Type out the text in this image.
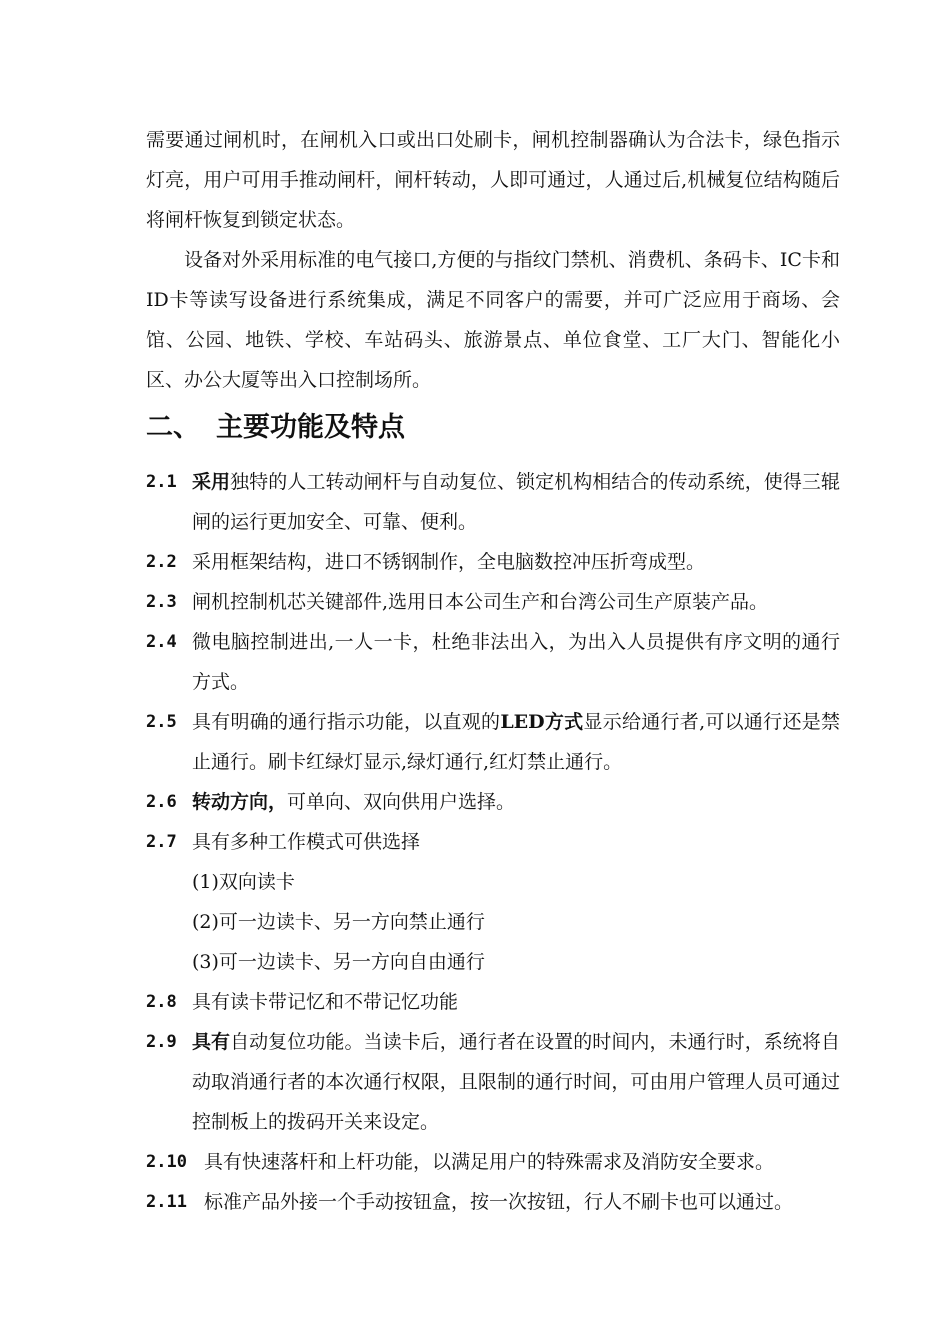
需要通过闸机时，在闸机入口或出口处刷卡，闸机控制器确认为合法卡，绿色指示灯亮，用户可用手推动闸杆，闸杆转动，人即可通过，人通过后,机械复位结构随后将闸杆恢复到锁定状态。

设备对外采用标准的电气接口,方便的与指纹门禁机、消费机、条码卡、IC卡和ID卡等读写设备进行系统集成，满足不同客户的需要，并可广泛应用于商场、会馆、公园、地铁、学校、车站码头、旅游景点、单位食堂、工厂大门、智能化小区、办公大厦等出入口控制场所。

二、 主要功能及特点
2.1 采用独特的人工转动闸杆与自动复位、锁定机构相结合的传动系统，使得三辊闸的运行更加安全、可靠、便利。
2.2 采用框架结构，进口不锈钢制作，全电脑数控冲压折弯成型。
2.3 闸机控制机芯关键部件,选用日本公司生产和台湾公司生产原装产品。
2.4 微电脑控制进出,一人一卡，杜绝非法出入，为出入人员提供有序文明的通行方式。
2.5 具有明确的通行指示功能，以直观的LED方式显示给通行者,可以通行还是禁止通行。刷卡红绿灯显示,绿灯通行,红灯禁止通行。
2.6 转动方向，可单向、双向供用户选择。
2.7 具有多种工作模式可供选择
(1)双向读卡
(2)可一边读卡、另一方向禁止通行
(3)可一边读卡、另一方向自由通行
2.8 具有读卡带记忆和不带记忆功能
2.9 具有自动复位功能。当读卡后，通行者在设置的时间内，未通行时，系统将自动取消通行者的本次通行权限，且限制的通行时间，可由用户管理人员可通过控制板上的拨码开关来设定。
2.10 具有快速落杆和上杆功能，以满足用户的特殊需求及消防安全要求。
2.11 标准产品外接一个手动按钮盒，按一次按钮，行人不刷卡也可以通过。
